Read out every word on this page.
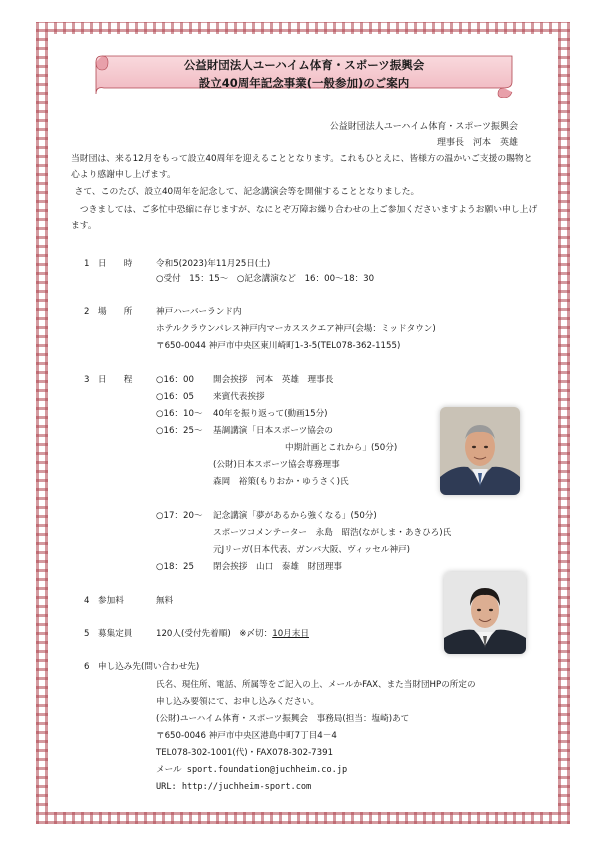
公益財団法人ユーハイム体育・スポーツ振興会
設立40周年記念事業(一般参加)のご案内
公益財団法人ユーハイム体育・スポーツ振興会
理事長　河本　英雄
当財団は、来る12月をもって設立40周年を迎えることとなります。これもひとえに、皆様方の温かいご支援の賜物と心より感謝申し上げます。
さて、このたび、設立40周年を記念して、記念講演会等を開催することとなりました。
つきましては、ご多忙中恐縮に存じますが、なにとぞ万障お繰り合わせの上ご参加くださいますようお願い申し上げます。
1 日　　時	令和5(2023)年11月25日(土)
○受付　15：15～　○記念講演など　16：00～18：30
2 場　　所	神戸ハーバーランド内
ホテルクラウンパレス神戸内マーカススクエア神戸(会場：ミッドタウン)
〒650-0044 神戸市中央区東川崎町1-3-5(TEL078-362-1155)
3 日　　程	○16：00 開会挨拶　河本　英雄　理事長
○16：05 来賓代表挨拶
○16：10～ 40年を振り返って(動画15分)
○16：25～ 基調講演「日本スポーツ協会の
中期計画とこれから」(50分)
(公財)日本スポーツ協会専務理事
森岡　裕策(もりおか・ゆうさく)氏
○17：20～ 記念講演「夢があるから強くなる」(50分)
スポーツコメンテーター　永島　昭浩(ながしま・あきひろ)氏
元Jリーガ(日本代表、ガンバ大阪、ヴィッセル神戸)
○18：25 閉会挨拶　山口　泰雄　財団理事
4 参加料	無料
5 募集定員	120人(受付先着順)　※〆切：10月末日
6 申し込み先(問い合わせ先)
氏名、現住所、電話、所属等をご記入の上、メールかFAX、また当財団HPの所定の
申し込み要領にて、お申し込みください。
(公財)ユーハイム体育・スポーツ振興会　事務局(担当：塩崎)あて
〒650-0046 神戸市中央区港島中町7丁目4－4
TEL078-302-1001(代)・FAX078-302-7391
メール sport.foundation@juchheim.co.jp
URL: http://juchheim-sport.com
